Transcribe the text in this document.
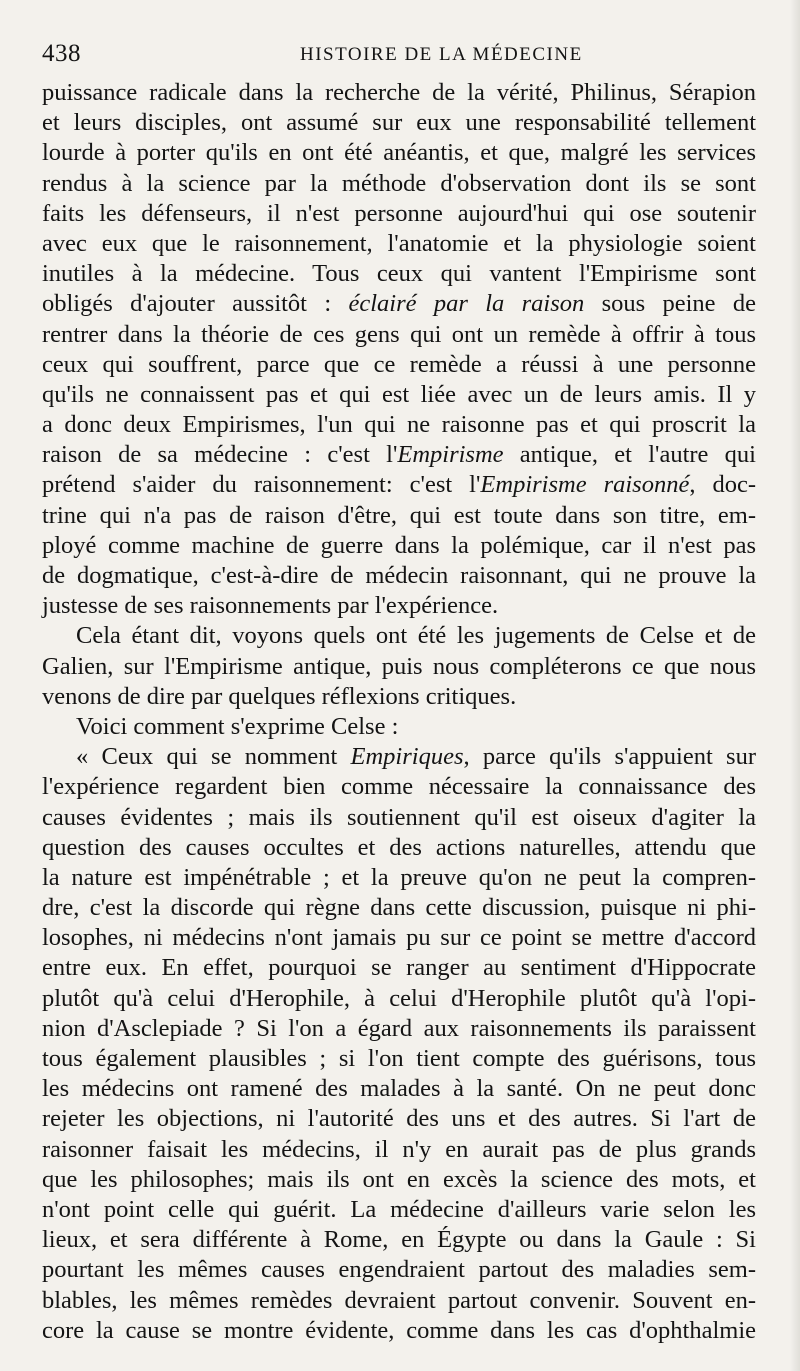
438	HISTOIRE DE LA MÉDECINE
puissance radicale dans la recherche de la vérité, Philinus, Sérapion
et leurs disciples, ont assumé sur eux une responsabilité tellement
lourde à porter qu'ils en ont été anéantis, et que, malgré les services
rendus à la science par la méthode d'observation dont ils se sont
faits les défenseurs, il n'est personne aujourd'hui qui ose soutenir
avec eux que le raisonnement, l'anatomie et la physiologie soient
inutiles à la médecine. Tous ceux qui vantent l'Empirisme sont
obligés d'ajouter aussitôt : éclairé par la raison sous peine de
rentrer dans la théorie de ces gens qui ont un remède à offrir à tous
ceux qui souffrent, parce que ce remède a réussi à une personne
qu'ils ne connaissent pas et qui est liée avec un de leurs amis. Il y
a donc deux Empirismes, l'un qui ne raisonne pas et qui proscrit la
raison de sa médecine : c'est l'Empirisme antique, et l'autre qui
prétend s'aider du raisonnement: c'est l'Empirisme raisonné, doc-
trine qui n'a pas de raison d'être, qui est toute dans son titre, em-
ployé comme machine de guerre dans la polémique, car il n'est pas
de dogmatique, c'est-à-dire de médecin raisonnant, qui ne prouve la
justesse de ses raisonnements par l'expérience.
Cela étant dit, voyons quels ont été les jugements de Celse et de
Galien, sur l'Empirisme antique, puis nous compléterons ce que nous
venons de dire par quelques réflexions critiques.
Voici comment s'exprime Celse :
« Ceux qui se nomment Empiriques, parce qu'ils s'appuient sur
l'expérience regardent bien comme nécessaire la connaissance des
causes évidentes ; mais ils soutiennent qu'il est oiseux d'agiter la
question des causes occultes et des actions naturelles, attendu que
la nature est impénétrable ; et la preuve qu'on ne peut la compren-
dre, c'est la discorde qui règne dans cette discussion, puisque ni phi-
losophes, ni médecins n'ont jamais pu sur ce point se mettre d'accord
entre eux. En effet, pourquoi se ranger au sentiment d'Hippocrate
plutôt qu'à celui d'Herophile, à celui d'Herophile plutôt qu'à l'opi-
nion d'Asclepiade ? Si l'on a égard aux raisonnements ils paraissent
tous également plausibles ; si l'on tient compte des guérisons, tous
les médecins ont ramené des malades à la santé. On ne peut donc
rejeter les objections, ni l'autorité des uns et des autres. Si l'art de
raisonner faisait les médecins, il n'y en aurait pas de plus grands
que les philosophes; mais ils ont en excès la science des mots, et
n'ont point celle qui guérit. La médecine d'ailleurs varie selon les
lieux, et sera différente à Rome, en Égypte ou dans la Gaule : Si
pourtant les mêmes causes engendraient partout des maladies sem-
blables, les mêmes remèdes devraient partout convenir. Souvent en-
core la cause se montre évidente, comme dans les cas d'ophthalmie
